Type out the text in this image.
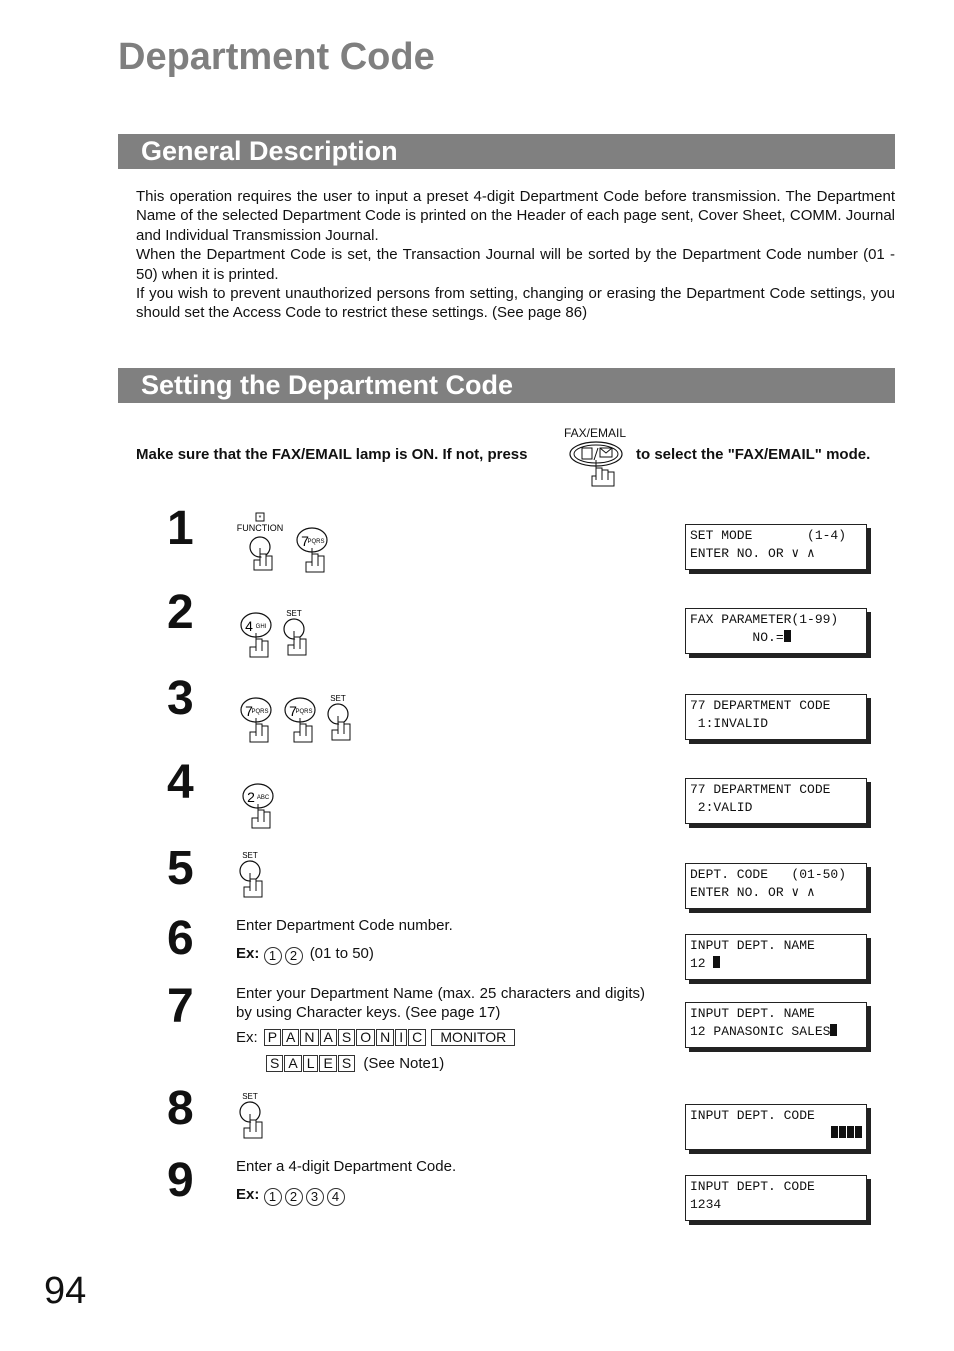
Department Code
General Description

This operation requires the user to input a preset 4-digit Department Code before transmission. The Department Name of the selected Department Code is printed on the Header of each page sent, Cover Sheet, COMM. Journal and Individual Transmission Journal.

When the Department Code is set, the Transaction Journal will be sorted by the Department Code number (01 - 50) when it is printed.

If you wish to prevent unauthorized persons from setting, changing or erasing the Department Code settings, you should set the Access Code to restrict these settings. (See page 86)

Setting the Department Code
FAX/EMAIL
Make sure that the FAX/EMAIL lamp is ON. If not, press	to select the "FAX/EMAIL" mode.
1
2
3
4
5
6
7
8
9
*
FUNCTION
7
PQRS
4 GHI
SET
7
PQRS 7
PQRS
SET
2 ABC
SET
Enter Department Code number.
Ex: 1 2 (01 to 50)
Enter your Department Name (max. 25 characters and digits) by using Character keys. (See page 17)
Ex: P A N A S O N I C MONITOR
S A L E S (See Note1)
SET
Enter a 4-digit Department Code.
Ex: 1 2 3 4
SET MODE       (1-4)
ENTER NO. OR ∨ ∧
FAX PARAMETER(1-99)
NO.=
77 DEPARTMENT CODE
1:INVALID
77 DEPARTMENT CODE
2:VALID
DEPT. CODE   (01-50)
ENTER NO. OR ∨ ∧
INPUT DEPT. NAME
12
INPUT DEPT. NAME
12 PANASONIC SALES
INPUT DEPT. CODE
INPUT DEPT. CODE
1234
94
